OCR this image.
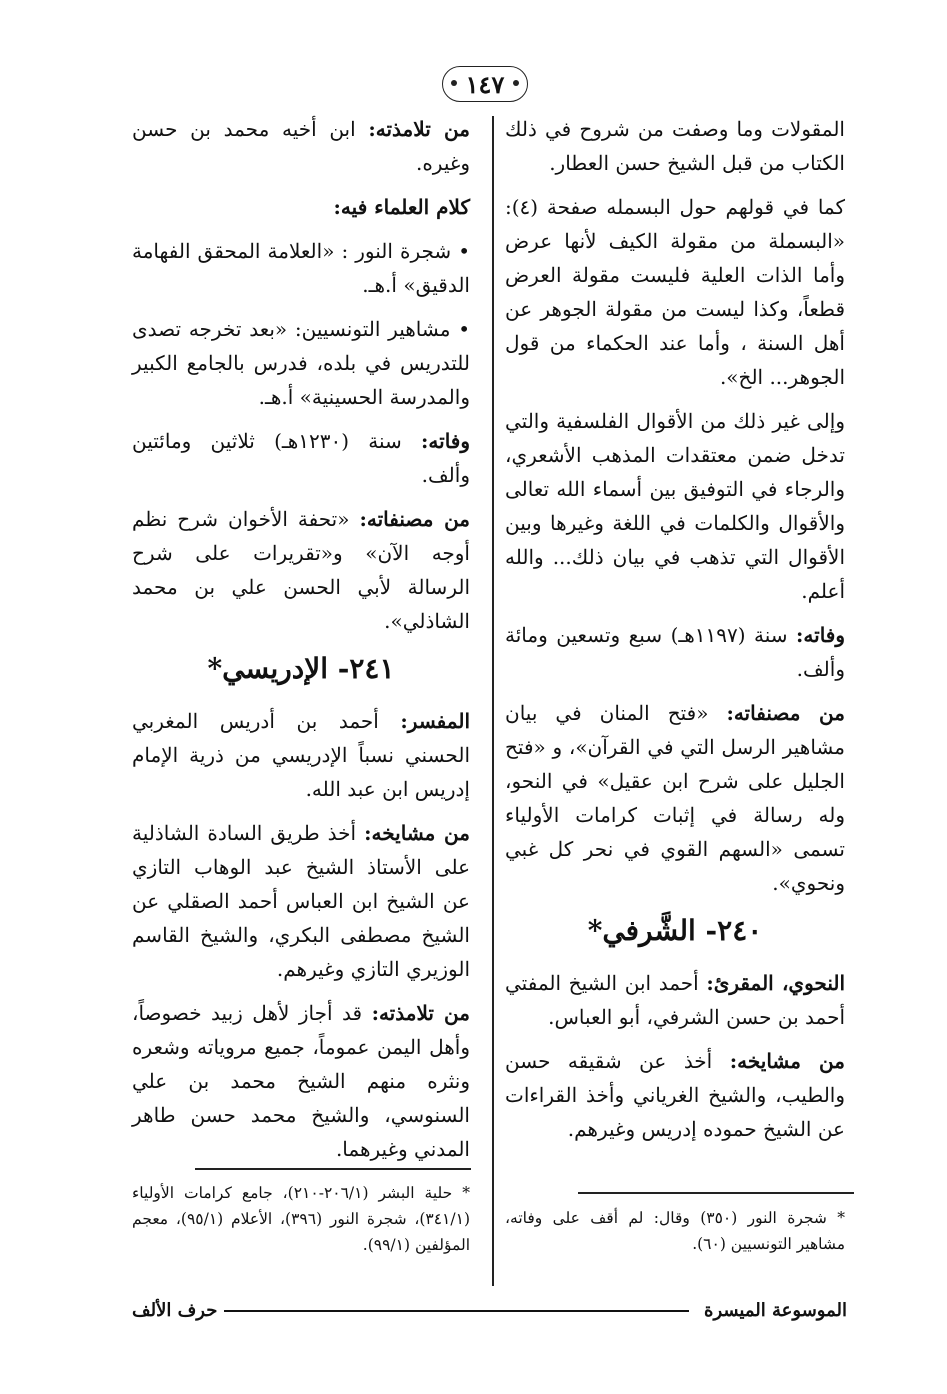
١٤٧

المقولات وما وصفت من شروح في ذلك الكتاب من قبل الشيخ حسن العطار.

كما في قولهم حول البسمله صفحة (٤): «البسملة من مقولة الكيف لأنها عرض وأما الذات العلية فليست مقولة العرض قطعاً، وكذا ليست من مقولة الجوهر عن أهل السنة ، وأما عند الحكماء من قول الجوهر... الخ».

وإلى غير ذلك من الأقوال الفلسفية والتي تدخل ضمن معتقدات المذهب الأشعري، والرجاء في التوفيق بين أسماء الله تعالى والأقوال والكلمات في اللغة وغيرها وبين الأقوال التي تذهب في بيان ذلك... والله أعلم.

وفاته: سنة (١١٩٧هـ) سبع وتسعين ومائة وألف.

من مصنفاته: «فتح المنان في بيان مشاهير الرسل التي في القرآن»، و «فتح الجليل على شرح ابن عقيل» في النحو، وله رسالة في إثبات كرامات الأولياء تسمى «السهم القوي في نحر كل غبي ونحوي».

٢٤٠- الشَّرفي*

النحوي، المقرئ: أحمد ابن الشيخ المفتي أحمد بن حسن الشرفي، أبو العباس.

من مشايخه: أخذ عن شقيقه حسن والطيب، والشيخ الغرياني وأخذ القراءات عن الشيخ حموده إدريس وغيرهم.

من تلامذته: ابن أخيه محمد بن حسن وغيره.

كلام العلماء فيه:

• شجرة النور : «العلامة المحقق الفهامة الدقيق» أ.هـ.

• مشاهير التونسيين: «بعد تخرجه تصدى للتدريس في بلده، فدرس بالجامع الكبير والمدرسة الحسينية» أ.هـ.

وفاته: سنة (١٢٣٠هـ) ثلاثين ومائتين وألف.

من مصنفاته: «تحفة الأخوان شرح نظم أوجه الآن» و«تقريرات على شرح الرسالة لأبي الحسن علي بن محمد الشاذلي».

٢٤١- الإدريسي*

المفسر: أحمد بن أدريس المغربي الحسني نسباً الإدريسي من ذرية الإمام إدريس ابن عبد الله.

من مشايخه: أخذ طريق السادة الشاذلية على الأستاذ الشيخ عبد الوهاب التازي عن الشيخ ابن العباس أحمد الصقلي عن الشيخ مصطفى البكري، والشيخ القاسم الوزيري التازي وغيرهم.

من تلامذته: قد أجاز لأهل زبيد خصوصاً، وأهل اليمن عموماً، جميع مروياته وشعره ونثره منهم الشيخ محمد بن علي السنوسي، والشيخ محمد حسن طاهر المدني وغيرهما.

* شجرة النور (٣٥٠) وقال: لم أقف على وفاته، مشاهير التونسيين (٦٠).
* حلية البشر (٢٠٦/١-٢١٠)، جامع كرامات الأولياء (٣٤١/١)، شجرة النور (٣٩٦)، الأعلام (٩٥/١)، معجم المؤلفين (٩٩/١).
الموسوعة الميسرة
حرف الألف
